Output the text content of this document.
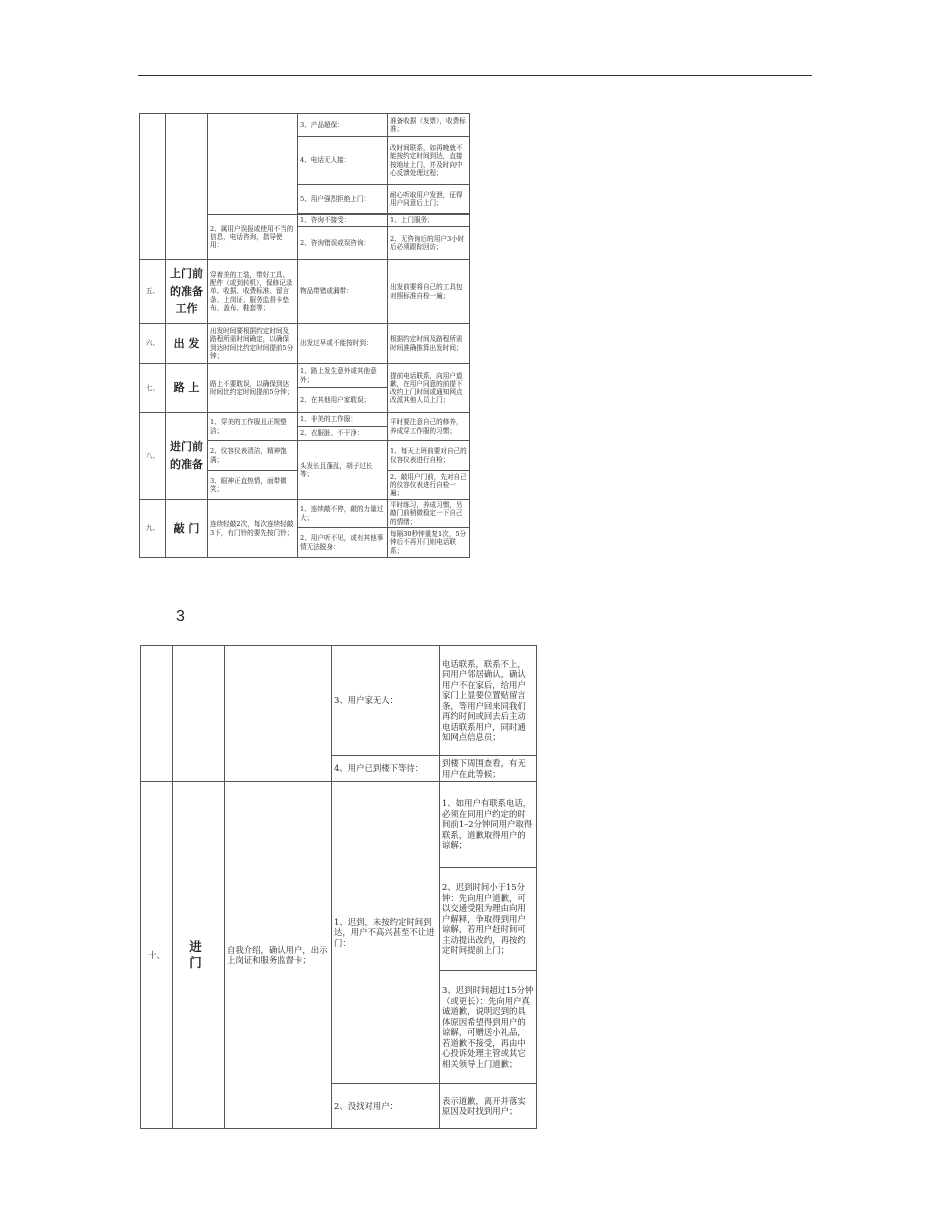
			3、产品超保：	准备收据（发票），收费标准；
			4、电话无人接：	改时间联系，如再晚就不能按约定时间到达，直接按地址上门，并及时向中心反馈处理过程；
			5、用户强烈拒绝上门：	耐心听取用户发泄，征得用户同意后上门；

		2、属用户误报或使用不当的信息，电话咨询，指导使用：	1、咨询不接受：	1、上门服务；
			2、咨询错误或误咨询：	2、无咨询后的用户3小时后必须跟踪回访；

五、	上门前的准备工作	穿着美的工装，带好工具、配件（或到转机），保修记录单、收据、收费标准、留言条、上岗证、服务监督卡垫布、盖布、鞋套等；	物品带错或漏带：	出发前要将自己的工具包对照标准自检一遍；
六、	出 发	出发时间要根据约定时间及路程所需时间确定，以确保到达时间比约定时间提前5分钟；	出发过早或不能按时到：	根据约定时间及路程所需时间准确推算出发时间；
七、	路 上	路上不要耽误，以确保到达时间比约定时间提前5分钟；	1、路上发生意外或其他意外；	提前电话联系，向用户道歉，在用户同意的前提下改约上门时间或通知网点改派其他人员上门；
			2、在其他用户家耽误；	
八、	进门前的准备	1、穿美的工作服且正规整洁；	1、非美的工作服：	平时要注意自己的修养，养成穿工作服的习惯；
			2、衣服脏、不干净：	
		2、仪容仪表清洁，精神饱满；	头发长且蓬乱，胡子过长等；	1、每天上班前要对自己的仪容仪表进行自检；
		3、眼神正直热情，面带微笑；		2、敲用户门前，先对自己的仪容仪表进行自检一遍；

九、	敲 门	连续轻敲2次，每次连续轻敲3下，有门铃的要先按门铃；	1、连续敲不停，敲的力量过大；	平时练习，养成习惯，另敲门前稍微稳定一下自己的情绪；
			2、用户听不见，或有其他事情无法脱身：	每隔30秒钟重复1次，5分钟后不再开门则电话联系；
3
			3、用户家无人：	电话联系，联系不上，同用户邻居确认，确认用户不在家后，给用户家门上显要位置贴留言条，等用户回来同我们再约时间或回去后主动电话联系用户，同时通知网点信息员；
			4、用户已到楼下等待：	到楼下周围查看，有无用户在此等候；
十、	进 门	自我介绍，确认用户，出示上岗证和服务监督卡；	1、迟到，未按约定时间到达，用户不高兴甚至不让进门：	1、如用户有联系电话，必须在同用户约定的时间前1–2分钟同用户取得联系，道歉取得用户的谅解；
				2、迟到时间小于15分钟：先向用户道歉，可以交通受阻为理由向用户解释，争取得到用户谅解，若用户赶时间可主动提出改约，再按约定时间提前上门；
				3、迟到时间超过15分钟（或更长）：先向用户真诚道歉，说明迟到的具体原因希望得到用户的谅解，可赠送小礼品，若道歉不接受，再由中心投诉处理主管或其它相关领导上门道歉；
			2、没找对用户：	表示道歉，离开并落实原因及时找到用户；
